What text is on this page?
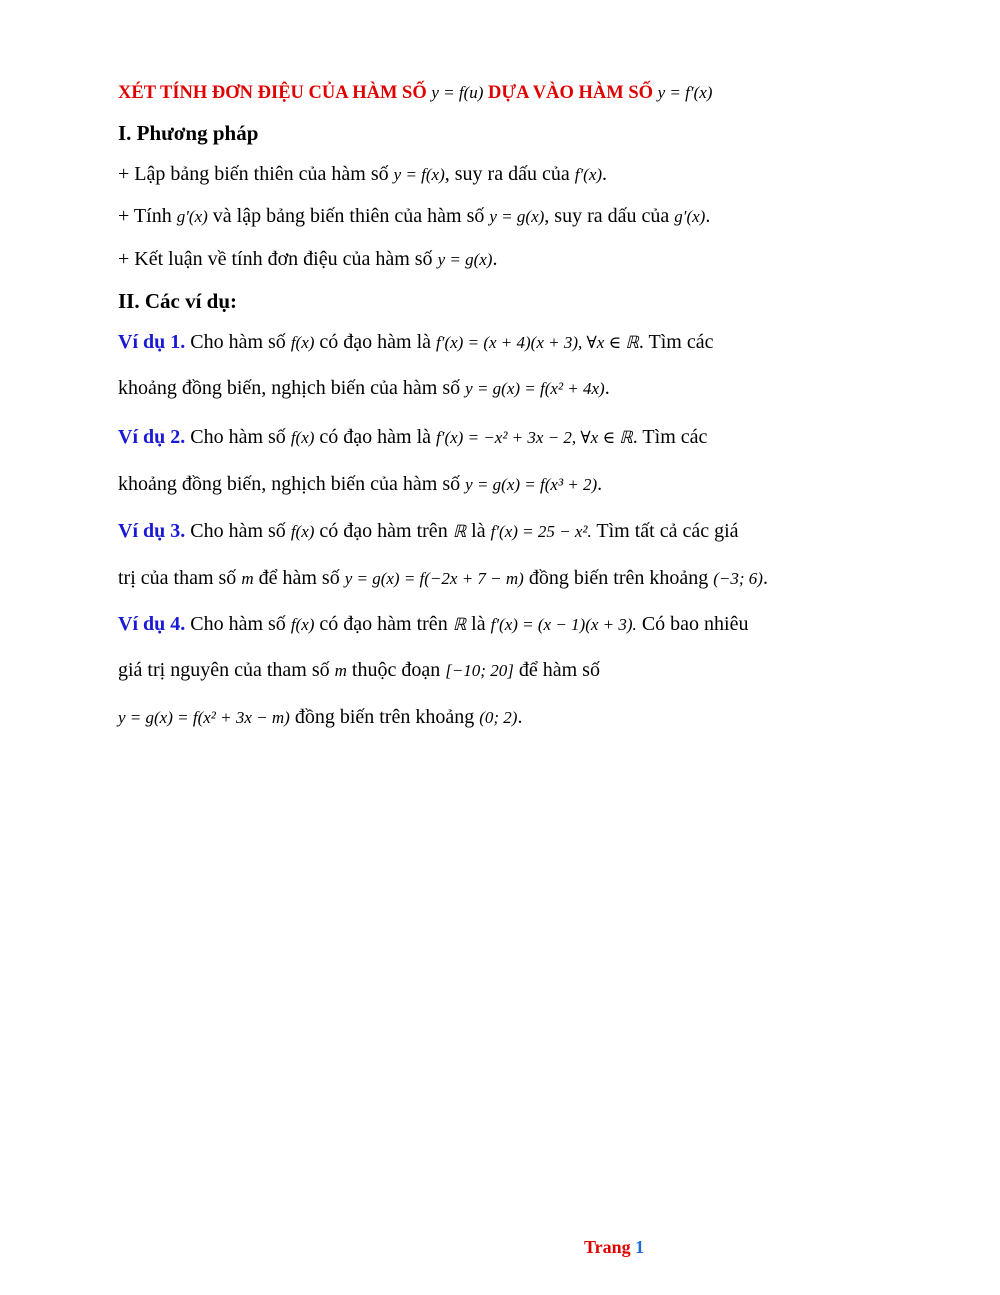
XÉT TÍNH ĐƠN ĐIỆU CỦA HÀM SỐ y = f(u) DỰA VÀO HÀM SỐ y = f′(x)
I. Phương pháp
+ Lập bảng biến thiên của hàm số y = f(x), suy ra dấu của f′(x).
+ Tính g′(x) và lập bảng biến thiên của hàm số y = g(x), suy ra dấu của g′(x).
+ Kết luận về tính đơn điệu của hàm số y = g(x).
II. Các ví dụ:
Ví dụ 1. Cho hàm số f(x) có đạo hàm là f′(x) = (x + 4)(x + 3), ∀x ∈ ℝ. Tìm các
khoảng đồng biến, nghịch biến của hàm số y = g(x) = f(x² + 4x).
Ví dụ 2. Cho hàm số f(x) có đạo hàm là f′(x) = −x² + 3x − 2, ∀x ∈ ℝ. Tìm các
khoảng đồng biến, nghịch biến của hàm số y = g(x) = f(x³ + 2).
Ví dụ 3. Cho hàm số f(x) có đạo hàm trên ℝ là f′(x) = 25 − x². Tìm tất cả các giá
trị của tham số m để hàm số y = g(x) = f(−2x + 7 − m) đồng biến trên khoảng (−3; 6).
Ví dụ 4. Cho hàm số f(x) có đạo hàm trên ℝ là f′(x) = (x − 1)(x + 3). Có bao nhiêu
giá trị nguyên của tham số m thuộc đoạn [−10; 20] để hàm số
y = g(x) = f(x² + 3x − m) đồng biến trên khoảng (0; 2).
Trang 1
